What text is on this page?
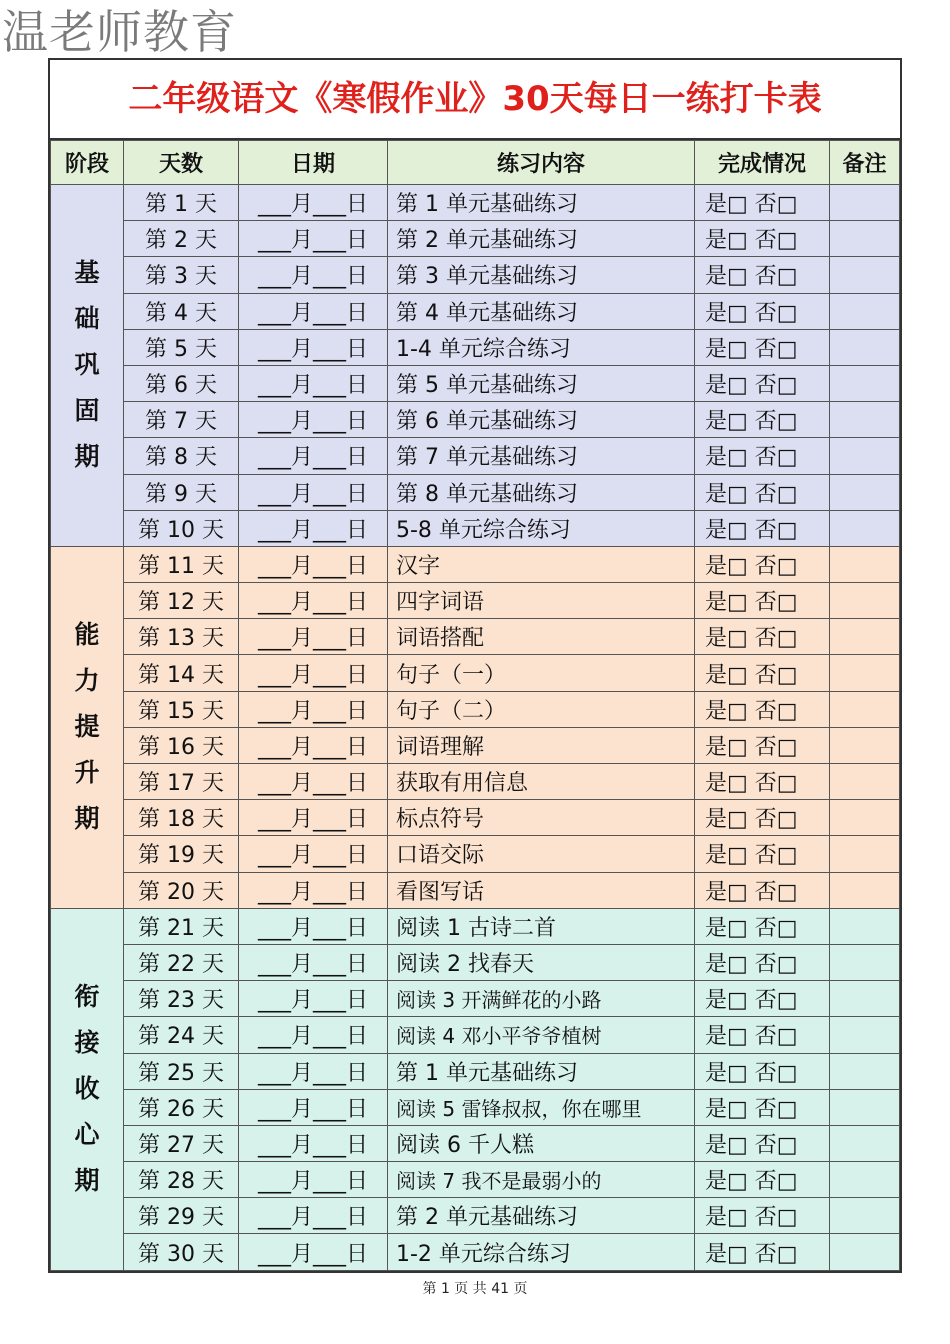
温老师教育
二年级语文《寒假作业》30天每日一练打卡表
阶段	天数	日期	练习内容	完成情况	备注
基础巩固期	第 1 天	___月___日	第 1 单元基础练习	是□ 否□	
	第 2 天	___月___日	第 2 单元基础练习	是□ 否□	
	第 3 天	___月___日	第 3 单元基础练习	是□ 否□	
	第 4 天	___月___日	第 4 单元基础练习	是□ 否□	
	第 5 天	___月___日	1-4 单元综合练习	是□ 否□	
	第 6 天	___月___日	第 5 单元基础练习	是□ 否□	
	第 7 天	___月___日	第 6 单元基础练习	是□ 否□	
	第 8 天	___月___日	第 7 单元基础练习	是□ 否□	
	第 9 天	___月___日	第 8 单元基础练习	是□ 否□	
	第 10 天	___月___日	5-8 单元综合练习	是□ 否□	
能力提升期	第 11 天	___月___日	汉字	是□ 否□	
	第 12 天	___月___日	四字词语	是□ 否□	
	第 13 天	___月___日	词语搭配	是□ 否□	
	第 14 天	___月___日	句子（一）	是□ 否□	
	第 15 天	___月___日	句子（二）	是□ 否□	
	第 16 天	___月___日	词语理解	是□ 否□	
	第 17 天	___月___日	获取有用信息	是□ 否□	
	第 18 天	___月___日	标点符号	是□ 否□	
	第 19 天	___月___日	口语交际	是□ 否□	
	第 20 天	___月___日	看图写话	是□ 否□	
衔接收心期	第 21 天	___月___日	阅读 1 古诗二首	是□ 否□	
	第 22 天	___月___日	阅读 2 找春天	是□ 否□	
	第 23 天	___月___日	阅读 3 开满鲜花的小路	是□ 否□	
	第 24 天	___月___日	阅读 4 邓小平爷爷植树	是□ 否□	
	第 25 天	___月___日	第 1 单元基础练习	是□ 否□	
	第 26 天	___月___日	阅读 5 雷锋叔叔，你在哪里	是□ 否□	
	第 27 天	___月___日	阅读 6 千人糕	是□ 否□	
	第 28 天	___月___日	阅读 7 我不是最弱小的	是□ 否□	
	第 29 天	___月___日	第 2 单元基础练习	是□ 否□	
	第 30 天	___月___日	1-2 单元综合练习	是□ 否□	
第 1 页 共 41 页
